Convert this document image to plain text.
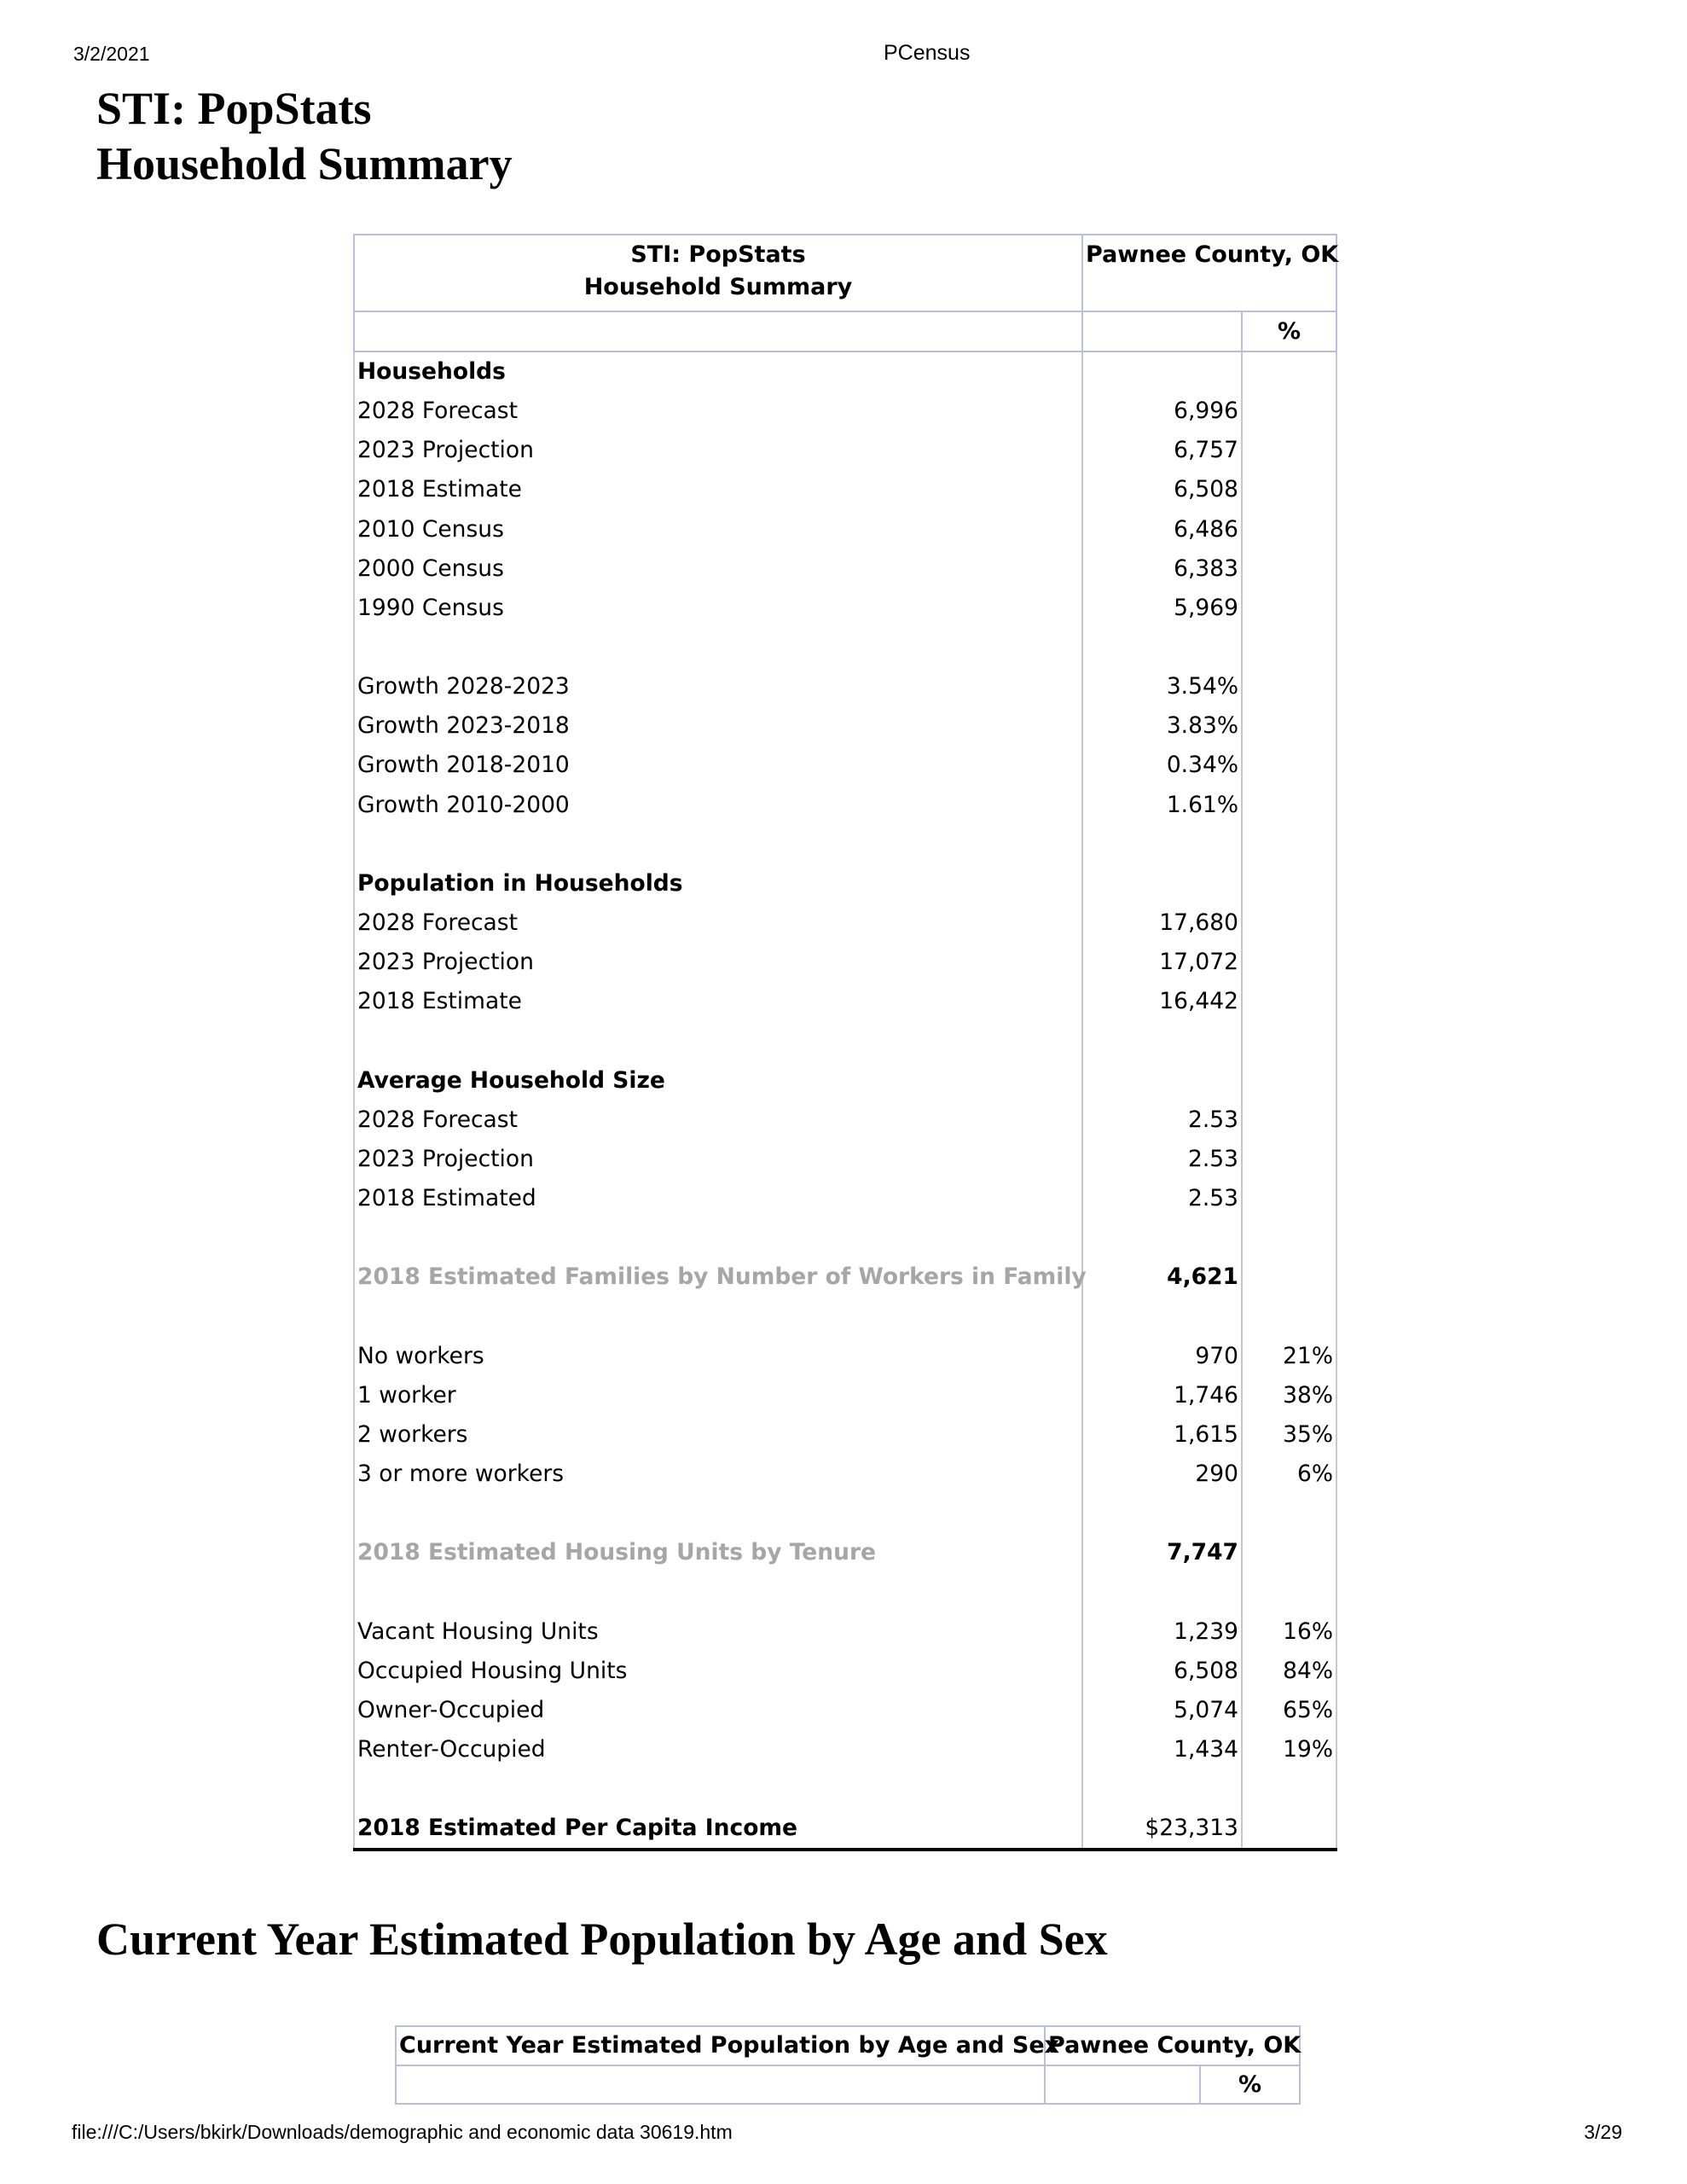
3/2/2021	PCensus
STI: PopStats
Household Summary
STI: PopStats
Household Summary	Pawnee County, OK	
		%
Households		
2028 Forecast	6,996	
2023 Projection	6,757	
2018 Estimate	6,508	
2010 Census	6,486	
2000 Census	6,383	
1990 Census	5,969	

Growth 2028-2023	3.54%	
Growth 2023-2018	3.83%	
Growth 2018-2010	0.34%	
Growth 2010-2000	1.61%	

Population in Households		
2028 Forecast	17,680	
2023 Projection	17,072	
2018 Estimate	16,442	

Average Household Size		
2028 Forecast	2.53	
2023 Projection	2.53	
2018 Estimated	2.53	

2018 Estimated Families by Number of Workers in Family	4,621	

No workers	970	21%
1 worker	1,746	38%
2 workers	1,615	35%
3 or more workers	290	6%

2018 Estimated Housing Units by Tenure	7,747	

Vacant Housing Units	1,239	16%
Occupied Housing Units	6,508	84%
Owner-Occupied	5,074	65%
Renter-Occupied	1,434	19%

2018 Estimated Per Capita Income	$23,313	
Current Year Estimated Population by Age and Sex
Current Year Estimated Population by Age and Sex	Pawnee County, OK	
		%
file:///C:/Users/bkirk/Downloads/demographic and economic data 30619.htm	3/29
